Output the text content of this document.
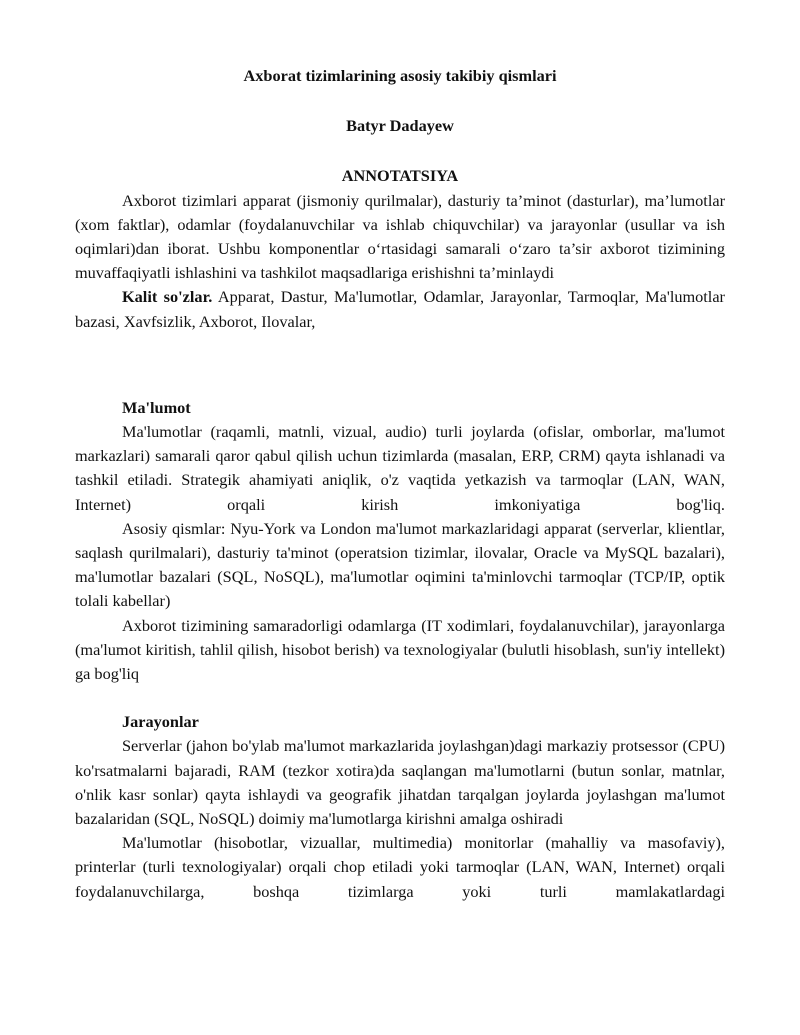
Axborat tizimlarining asosiy takibiy qismlari

Batyr Dadayew

ANNOTATSIYA

Axborot tizimlari apparat (jismoniy qurilmalar), dasturiy ta’minot (dasturlar), ma’lumotlar (xom faktlar), odamlar (foydalanuvchilar va ishlab chiquvchilar) va jarayonlar (usullar va ish oqimlari)dan iborat. Ushbu komponentlar o‘rtasidagi samarali o‘zaro ta’sir axborot tizimining muvaffaqiyatli ishlashini va tashkilot maqsadlariga erishishni ta’minlaydi

Kalit so'zlar. Apparat, Dastur, Ma'lumotlar, Odamlar, Jarayonlar, Tarmoqlar, Ma'lumotlar bazasi, Xavfsizlik, Axborot, Ilovalar,

Ma'lumot

Ma'lumotlar (raqamli, matnli, vizual, audio) turli joylarda (ofislar, omborlar, ma'lumot markazlari) samarali qaror qabul qilish uchun tizimlarda (masalan, ERP, CRM) qayta ishlanadi va tashkil etiladi. Strategik ahamiyati aniqlik, o'z vaqtida yetkazish va tarmoqlar (LAN, WAN, Internet) orqali kirish imkoniyatiga bog'liq.

Asosiy qismlar: Nyu-York va London ma'lumot markazlaridagi apparat (serverlar, klientlar, saqlash qurilmalari), dasturiy ta'minot (operatsion tizimlar, ilovalar, Oracle va MySQL bazalari), ma'lumotlar bazalari (SQL, NoSQL), ma'lumotlar oqimini ta'minlovchi tarmoqlar (TCP/IP, optik tolali kabellar)

Axborot tizimining samaradorligi odamlarga (IT xodimlari, foydalanuvchilar), jarayonlarga (ma'lumot kiritish, tahlil qilish, hisobot berish) va texnologiyalar (bulutli hisoblash, sun'iy intellekt) ga bog'liq

Jarayonlar

Serverlar (jahon bo'ylab ma'lumot markazlarida joylashgan)dagi markaziy protsessor (CPU) ko'rsatmalarni bajaradi, RAM (tezkor xotira)da saqlangan ma'lumotlarni (butun sonlar, matnlar, o'nlik kasr sonlar) qayta ishlaydi va geografik jihatdan tarqalgan joylarda joylashgan ma'lumot bazalaridan (SQL, NoSQL) doimiy ma'lumotlarga kirishni amalga oshiradi

Ma'lumotlar (hisobotlar, vizuallar, multimedia) monitorlar (mahalliy va masofaviy), printerlar (turli texnologiyalar) orqali chop etiladi yoki tarmoqlar (LAN, WAN, Internet) orqali foydalanuvchilarga, boshqa tizimlarga yoki turli mamlakatlardagi
